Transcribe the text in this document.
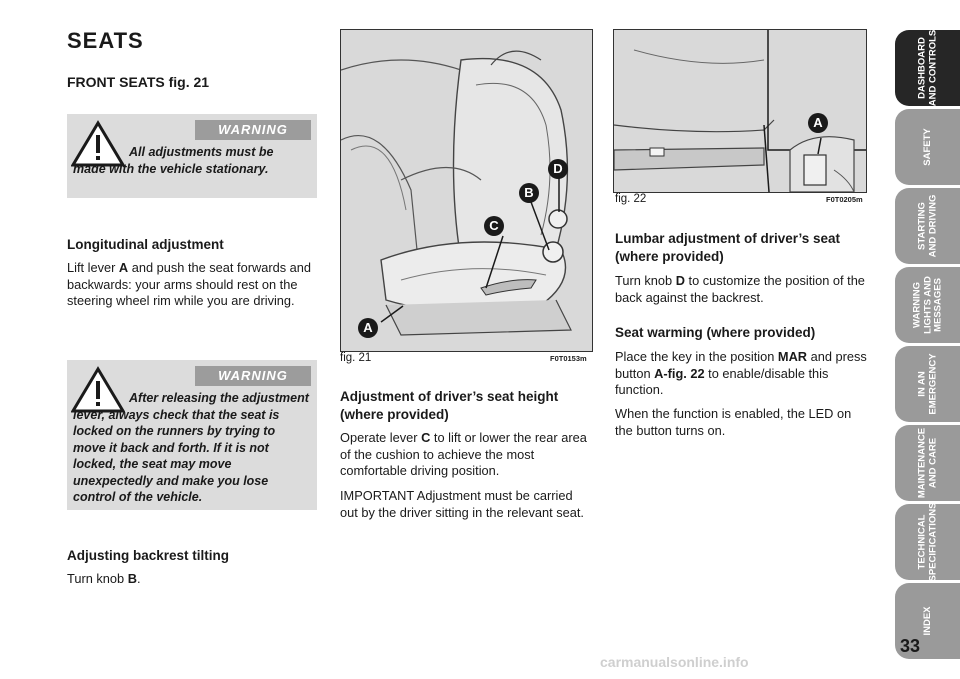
SEATS
FRONT SEATS fig. 21
WARNING
All adjustments must be made with the vehicle stationary.
Longitudinal adjustment
Lift lever A and push the seat forwards and backwards: your arms should rest on the steering wheel rim while you are driving.
WARNING
After releasing the adjustment lever, always check that the seat is locked on the runners by trying to move it back and forth. If it is not locked, the seat may move unexpectedly and make you lose control of the vehicle.
Adjusting backrest tilting
Turn knob B.
A
C
B
D
fig. 21	F0T0153m
Adjustment of driver’s seat height (where provided)
Operate lever C to lift or lower the rear area of the cushion to achieve the most comfortable driving position.
IMPORTANT Adjustment must be carried out by the driver sitting in the relevant seat.
A
fig. 22	F0T0205m
Lumbar adjustment of driver’s seat (where provided)
Turn knob D to customize the position of the back against the backrest.
Seat warming (where provided)
Place the key in the position MAR and press button A-fig. 22 to enable/disable this function.
When the function is enabled, the LED on the button turns on.
DASHBOARD
AND CONTROLS
SAFETY
STARTING
AND DRIVING
WARNING
LIGHTS AND
MESSAGES
IN AN
EMERGENCY
MAINTENANCE
AND CARE
TECHNICAL
SPECIFICATIONS
INDEX
33
carmanualsonline.info
